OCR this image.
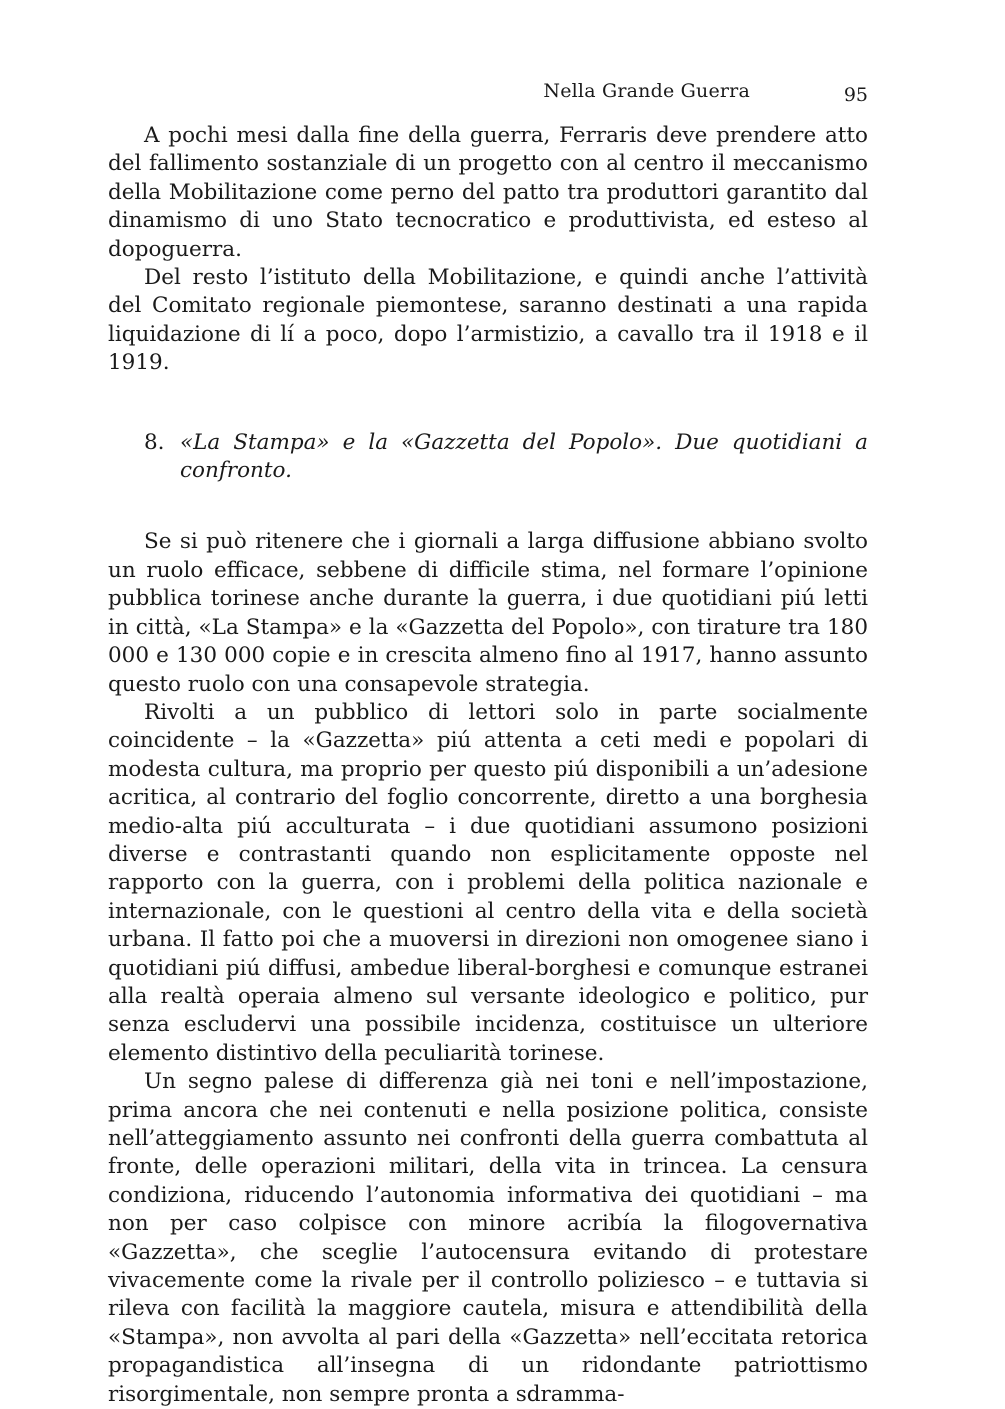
Nella Grande Guerra	95

A pochi mesi dalla fine della guerra, Ferraris deve prendere atto del fallimento sostanziale di un progetto con al centro il meccanismo della Mobilitazione come perno del patto tra produttori garantito dal dinamismo di uno Stato tecnocratico e produttivista, ed esteso al dopoguerra.

Del resto l’istituto della Mobilitazione, e quindi anche l’attività del Comitato regionale piemontese, saranno destinati a una rapida liquidazione di lí a poco, dopo l’armistizio, a cavallo tra il 1918 e il 1919.

8. «La Stampa» e la «Gazzetta del Popolo». Due quotidiani a confronto.

Se si può ritenere che i giornali a larga diffusione abbiano svolto un ruolo efficace, sebbene di difficile stima, nel formare l’opinione pubblica torinese anche durante la guerra, i due quotidiani piú letti in città, «La Stampa» e la «Gazzetta del Popolo», con tirature tra 180 000 e 130 000 copie e in crescita almeno fino al 1917, hanno assunto questo ruolo con una consapevole strategia.

Rivolti a un pubblico di lettori solo in parte socialmente coincidente – la «Gazzetta» piú attenta a ceti medi e popolari di modesta cultura, ma proprio per questo piú disponibili a un’adesione acritica, al contrario del foglio concorrente, diretto a una borghesia medio-alta piú acculturata – i due quotidiani assumono posizioni diverse e contrastanti quando non esplicitamente opposte nel rapporto con la guerra, con i problemi della politica nazionale e internazionale, con le questioni al centro della vita e della società urbana. Il fatto poi che a muoversi in direzioni non omogenee siano i quotidiani piú diffusi, ambedue liberal-borghesi e comunque estranei alla realtà operaia almeno sul versante ideologico e politico, pur senza escludervi una possibile incidenza, costituisce un ulteriore elemento distintivo della peculiarità torinese.

Un segno palese di differenza già nei toni e nell’impostazione, prima ancora che nei contenuti e nella posizione politica, consiste nell’atteggiamento assunto nei confronti della guerra combattuta al fronte, delle operazioni militari, della vita in trincea. La censura condiziona, riducendo l’autonomia informativa dei quotidiani – ma non per caso colpisce con minore acribía la filogovernativa «Gazzetta», che sceglie l’autocensura evitando di protestare vivacemente come la rivale per il controllo poliziesco – e tuttavia si rileva con facilità la maggiore cautela, misura e attendibilità della «Stampa», non avvolta al pari della «Gazzetta» nell’eccitata retorica propagandistica all’insegna di un ridondante patriottismo risorgimentale, non sempre pronta a sdramma-
